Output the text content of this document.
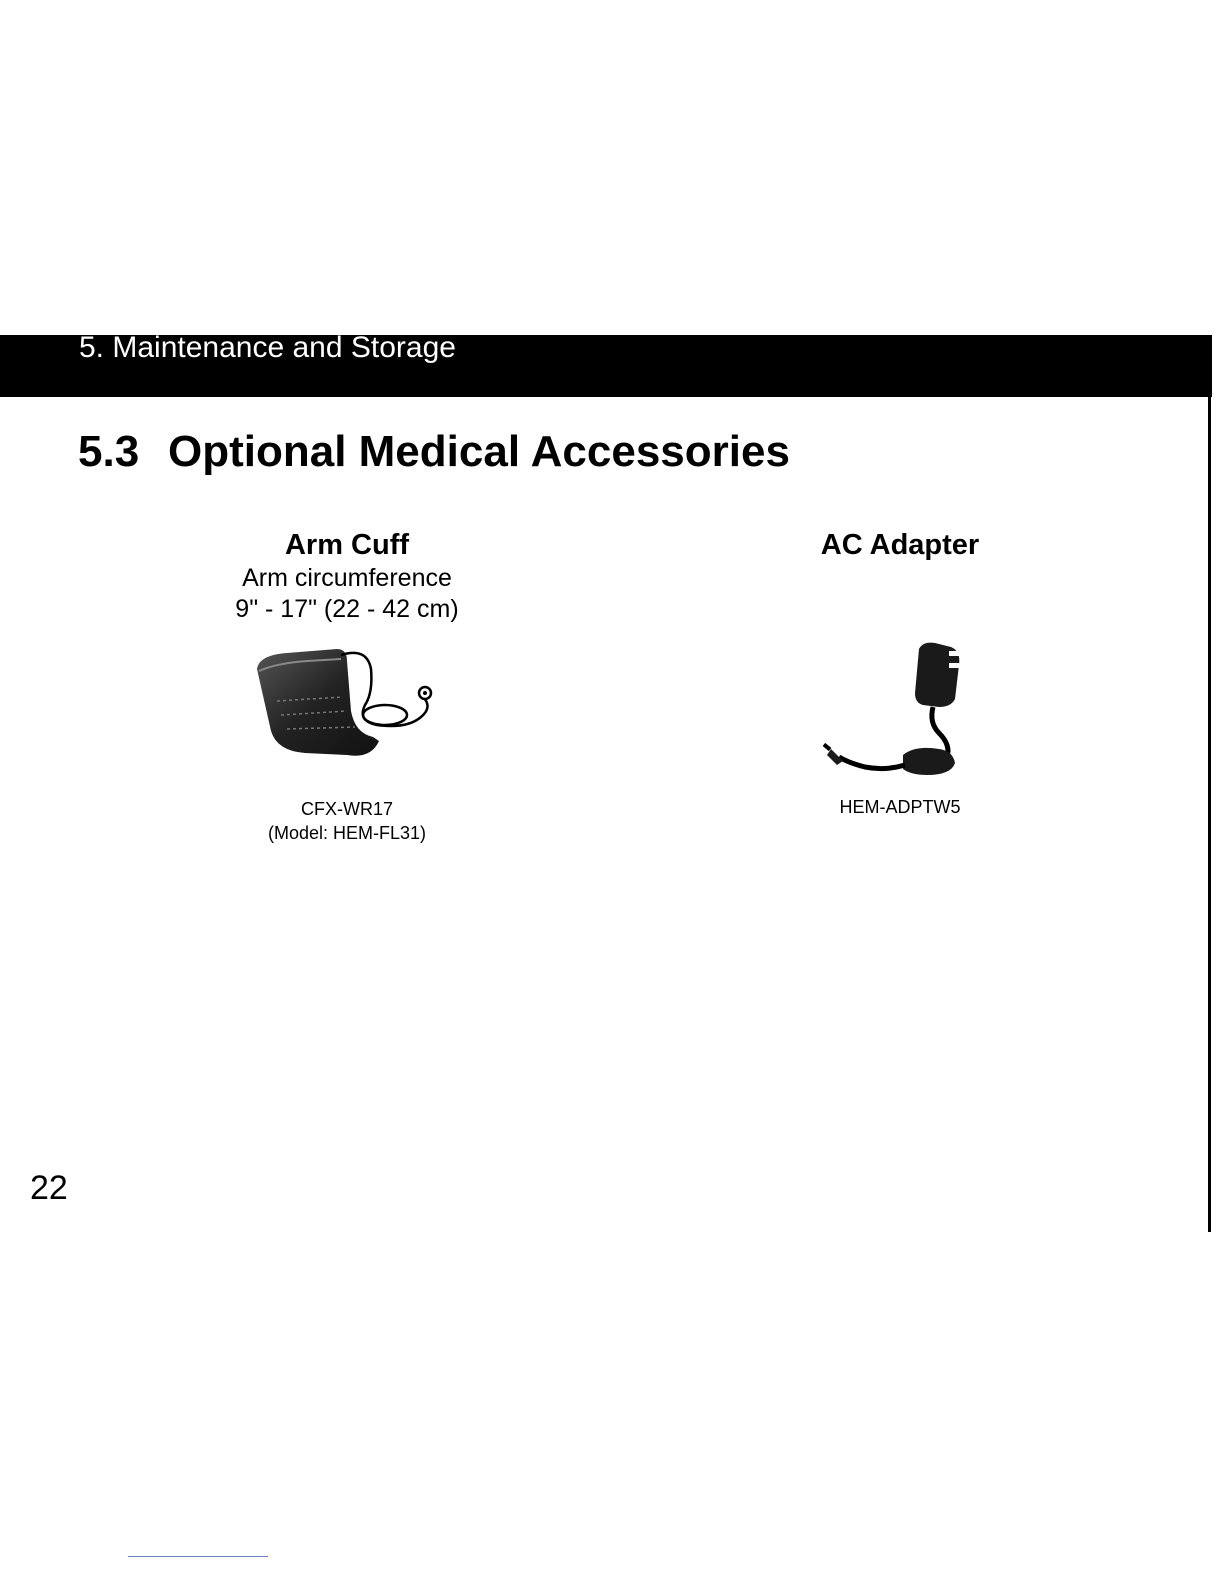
5. Maintenance and Storage
5.3 Optional Medical Accessories

Arm Cuff

Arm circumference

9" - 17" (22 - 42 cm)

CFX-WR17

(Model: HEM-FL31)

AC Adapter

HEM-ADPTW5

22
